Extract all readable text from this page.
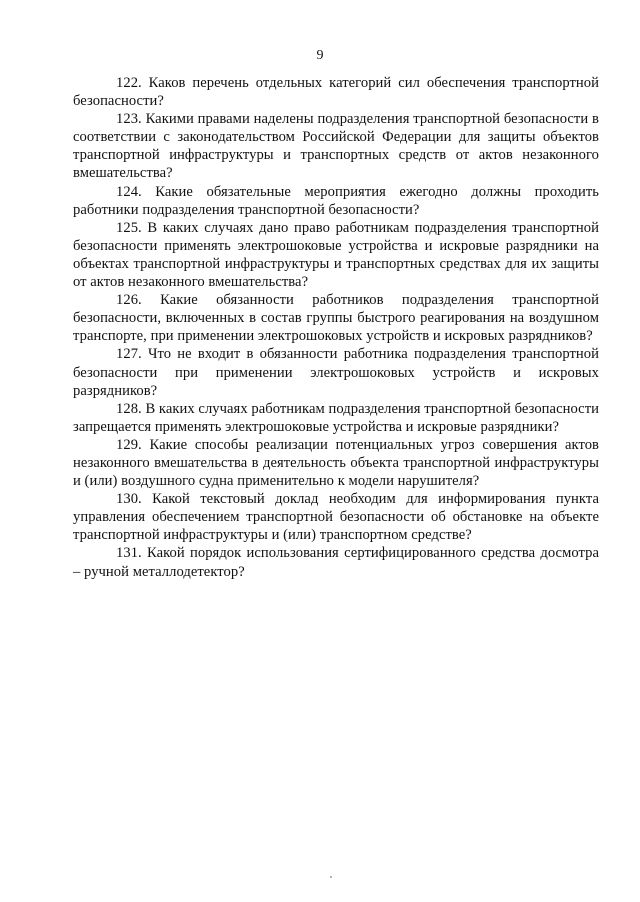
9

122. Каков перечень отдельных категорий сил обеспечения транспортной безопасности?

123. Какими правами наделены подразделения транспортной безопасности в соответствии с законодательством Российской Федерации для защиты объектов транспортной инфраструктуры и транспортных средств от актов незаконного вмешательства?

124. Какие обязательные мероприятия ежегодно должны проходить работники подразделения транспортной безопасности?

125. В каких случаях дано право работникам подразделения транспортной безопасности применять электрошоковые устройства и искровые разрядники на объектах транспортной инфраструктуры и транспортных средствах для их защиты от актов незаконного вмешательства?

126. Какие обязанности работников подразделения транспортной безопасности, включенных в состав группы быстрого реагирования на воздушном транспорте, при применении электрошоковых устройств и искровых разрядников?

127. Что не входит в обязанности работника подразделения транспортной безопасности при применении электрошоковых устройств и искровых разрядников?

128. В каких случаях работникам подразделения транспортной безопасности запрещается применять электрошоковые устройства и искровые разрядники?

129. Какие способы реализации потенциальных угроз совершения актов незаконного вмешательства в деятельность объекта транспортной инфраструктуры и (или) воздушного судна применительно к модели нарушителя?

130. Какой текстовый доклад необходим для информирования пункта управления обеспечением транспортной безопасности об обстановке на объекте транспортной инфраструктуры и (или) транспортном средстве?

131. Какой порядок использования сертифицированного средства досмотра – ручной металлодетектор?
